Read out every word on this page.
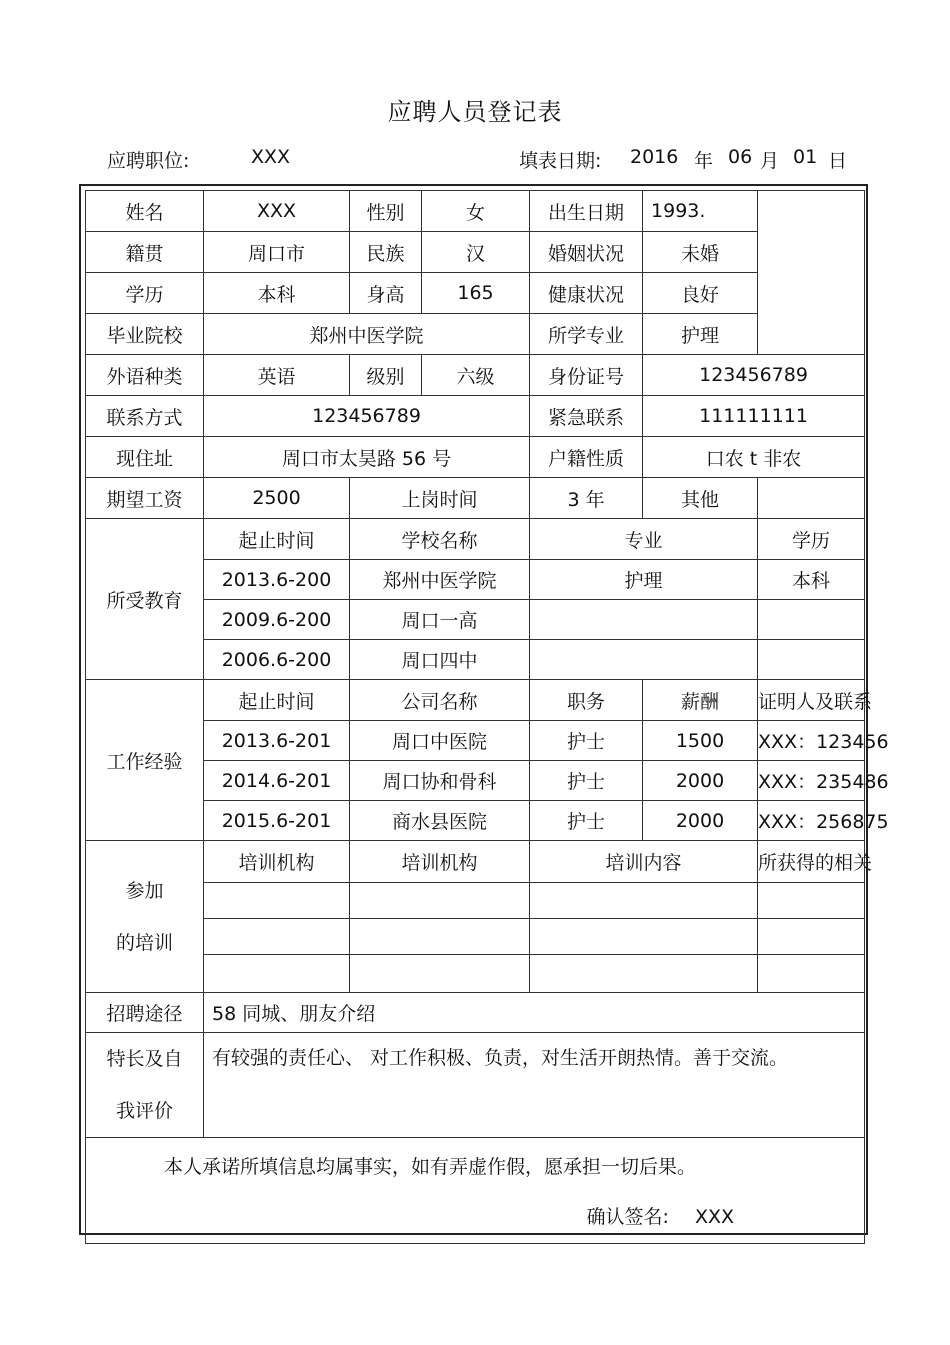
应聘人员登记表
应聘职位:	XXX	填表日期: 2016 年 06 月 01 日
姓名	XXX	性别	女	出生日期	1993.	
籍贯	周口市	民族	汉	婚姻状况	未婚	
学历	本科	身高	165	健康状况	良好	
毕业院校	郑州中医学院			所学专业	护理	
外语种类	英语	级别	六级	身份证号	123456789	
联系方式	123456789			紧急联系	111111111	
现住址	周口市太昊路 56 号			户籍性质	口农 t 非农	
期望工资	2500	上岗时间		3 年	其他	
所受教育	起止时间	学校名称		专业		学历
	2013.6-200	郑州中医学院		护理		本科
	2009.6-200	周口一高				
	2006.6-200	周口四中				
工作经验	起止时间	公司名称		职务	薪酬	证明人及联系
	2013.6-201	周口中医院		护士	1500	XXX：123456
	2014.6-201	周口协和骨科		护士	2000	XXX：235486
	2015.6-201	商水县医院		护士	2000	XXX：256875
参加
的培训	培训机构	培训机构		培训内容		所获得的相关

招聘途径	58 同城、朋友介绍					
特长及自
我评价	有较强的责任心、 对工作积极、负责，对生活开朗热情。善于交流。					

本人承诺所填信息均属事实，如有弄虚作假，愿承担一切后果。
确认签名: XXX						
